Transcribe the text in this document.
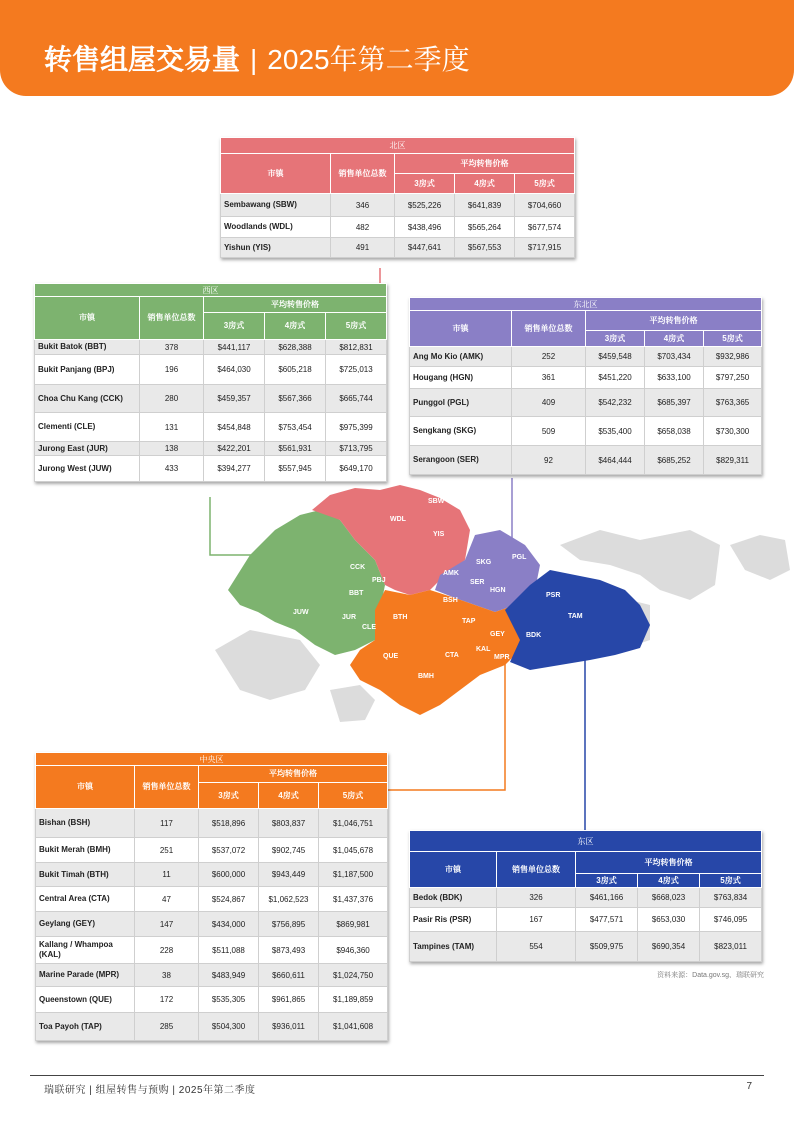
转售组屋交易量 | 2025年第二季度
SBW
WDL
YIS
CCK
PBJ
BBT
JUW
JUR
CLE
AMK
SKG
PGL
SER
HGN
BSH
BTH
TAP
GEY
KAL
MPR
QUE	CTA
BMH
PSR
TAM
BDK
北区				
市镇	销售单位总数	平均转售价格		
		3房式	4房式	5房式
Sembawang (SBW)	346	$525,226	$641,839	$704,660
Woodlands (WDL)	482	$438,496	$565,264	$677,574
Yishun (YIS)	491	$447,641	$567,553	$717,915
西区				
市镇	销售单位总数	平均转售价格		
		3房式	4房式	5房式
Bukit Batok (BBT)	378	$441,117	$628,388	$812,831
Bukit Panjang (BPJ)	196	$464,030	$605,218	$725,013
Choa Chu Kang (CCK)	280	$459,357	$567,366	$665,744
Clementi (CLE)	131	$454,848	$753,454	$975,399
Jurong East (JUR)	138	$422,201	$561,931	$713,795
Jurong West (JUW)	433	$394,277	$557,945	$649,170
东北区				
市镇	销售单位总数	平均转售价格		
		3房式	4房式	5房式
Ang Mo Kio (AMK)	252	$459,548	$703,434	$932,986
Hougang (HGN)	361	$451,220	$633,100	$797,250
Punggol (PGL)	409	$542,232	$685,397	$763,365
Sengkang (SKG)	509	$535,400	$658,038	$730,300
Serangoon (SER)	92	$464,444	$685,252	$829,311
中央区				
市镇	销售单位总数	平均转售价格		
		3房式	4房式	5房式
Bishan (BSH)	117	$518,896	$803,837	$1,046,751
Bukit Merah (BMH)	251	$537,072	$902,745	$1,045,678
Bukit Timah (BTH)	11	$600,000	$943,449	$1,187,500
Central Area (CTA)	47	$524,867	$1,062,523	$1,437,376
Geylang (GEY)	147	$434,000	$756,895	$869,981
Kallang / Whampoa (KAL)	228	$511,088	$873,493	$946,360
Marine Parade (MPR)	38	$483,949	$660,611	$1,024,750
Queenstown (QUE)	172	$535,305	$961,865	$1,189,859
Toa Payoh (TAP)	285	$504,300	$936,011	$1,041,608
东区				
市镇	销售单位总数	平均转售价格		
		3房式	4房式	5房式
Bedok (BDK)	326	$461,166	$668,023	$763,834
Pasir Ris (PSR)	167	$477,571	$653,030	$746,095
Tampines (TAM)	554	$509,975	$690,354	$823,011
资料来源：Data.gov.sg、瑞联研究
瑞联研究 | 组屋转售与预购 | 2025年第二季度	7
